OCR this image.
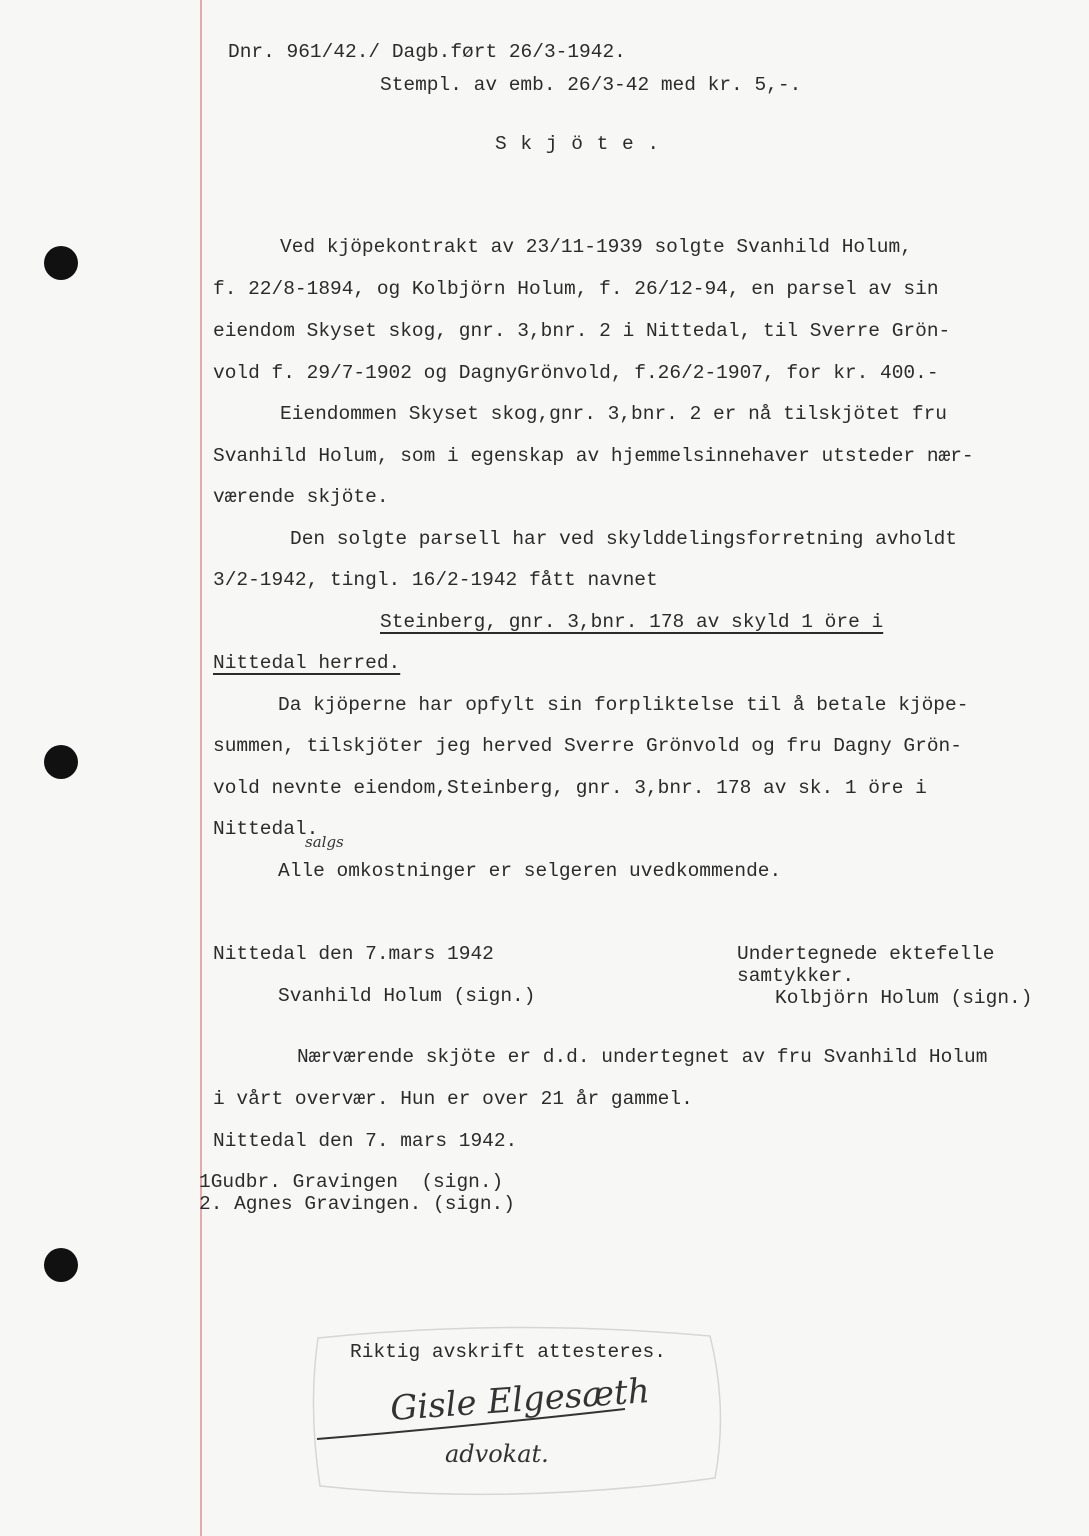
Dnr. 961/42./ Dagb.ført 26/3-1942.
Stempl. av emb. 26/3-42 med kr. 5,-.
S k j ö t e .
Ved kjöpekontrakt av 23/11-1939 solgte Svanhild Holum,
f. 22/8-1894, og Kolbjörn Holum, f. 26/12-94, en parsel av sin
eiendom Skyset skog, gnr. 3,bnr. 2 i Nittedal, til Sverre Grön-
vold f. 29/7-1902 og DagnyGrönvold, f.26/2-1907, for kr. 400.-
Eiendommen Skyset skog,gnr. 3,bnr. 2 er nå tilskjötet fru
Svanhild Holum, som i egenskap av hjemmelsinnehaver utsteder nær-
værende skjöte.
Den solgte parsell har ved skylddelingsforretning avholdt
3/2-1942, tingl. 16/2-1942 fått navnet
Steinberg, gnr. 3,bnr. 178 av skyld 1 öre i
Nittedal herred.
Da kjöperne har opfylt sin forpliktelse til å betale kjöpe-
summen, tilskjöter jeg herved Sverre Grönvold og fru Dagny Grön-
vold nevnte eiendom,Steinberg, gnr. 3,bnr. 178 av sk. 1 öre i
Nittedal.
salgs
Alle omkostninger er selgeren uvedkommende.
Nittedal den 7.mars 1942
Svanhild Holum (sign.)
Undertegnede ektefelle
samtykker.
Kolbjörn Holum (sign.)
Nærværende skjöte er d.d. undertegnet av fru Svanhild Holum
i vårt overvær. Hun er over 21 år gammel.
Nittedal den 7. mars 1942.
1Gudbr. Gravingen  (sign.)
2. Agnes Gravingen. (sign.)
Riktig avskrift attesteres.
Gisle Elgesæth
advokat.
